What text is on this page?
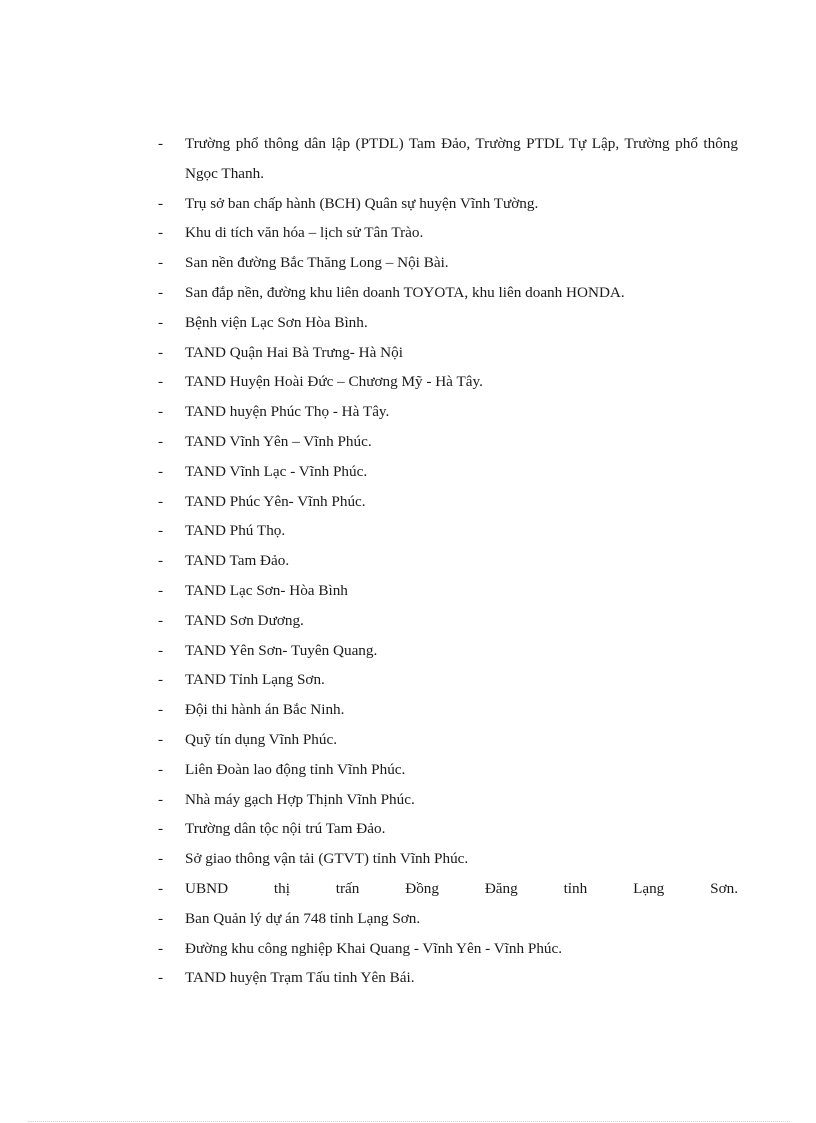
- Trường phổ thông dân lập (PTDL) Tam Đảo, Trường PTDL Tự Lập, Trường phổ thông Ngọc Thanh.
- Trụ sở ban chấp hành (BCH) Quân sự huyện Vĩnh Tường.
- Khu di tích văn hóa – lịch sử Tân Trào.
- San nền đường Bắc Thăng Long – Nội Bài.
- San đắp nền, đường khu liên doanh TOYOTA, khu liên doanh HONDA.
- Bệnh viện Lạc Sơn Hòa Bình.
- TAND Quận Hai Bà Trưng- Hà Nội
- TAND Huyện Hoài Đức – Chương Mỹ - Hà Tây.
- TAND huyện Phúc Thọ - Hà Tây.
- TAND Vĩnh Yên – Vĩnh Phúc.
- TAND Vĩnh Lạc - Vĩnh Phúc.
- TAND Phúc Yên- Vĩnh Phúc.
- TAND Phú Thọ.
- TAND Tam Đảo.
- TAND Lạc Sơn- Hòa Bình
- TAND Sơn Dương.
- TAND Yên Sơn- Tuyên Quang.
- TAND Tỉnh Lạng Sơn.
- Đội thi hành án Bắc Ninh.
- Quỹ tín dụng Vĩnh Phúc.
- Liên Đoàn lao động tỉnh Vĩnh Phúc.
- Nhà máy gạch Hợp Thịnh Vĩnh Phúc.
- Trường dân tộc nội trú Tam Đảo.
- Sở giao thông vận tải (GTVT) tỉnh Vĩnh Phúc.
- UBND thị trấn Đồng Đăng tỉnh Lạng Sơn.
- Ban Quản lý dự án 748 tỉnh Lạng Sơn.
- Đường khu công nghiệp Khai Quang - Vĩnh Yên - Vĩnh Phúc.
- TAND huyện Trạm Tấu tỉnh Yên Bái.
